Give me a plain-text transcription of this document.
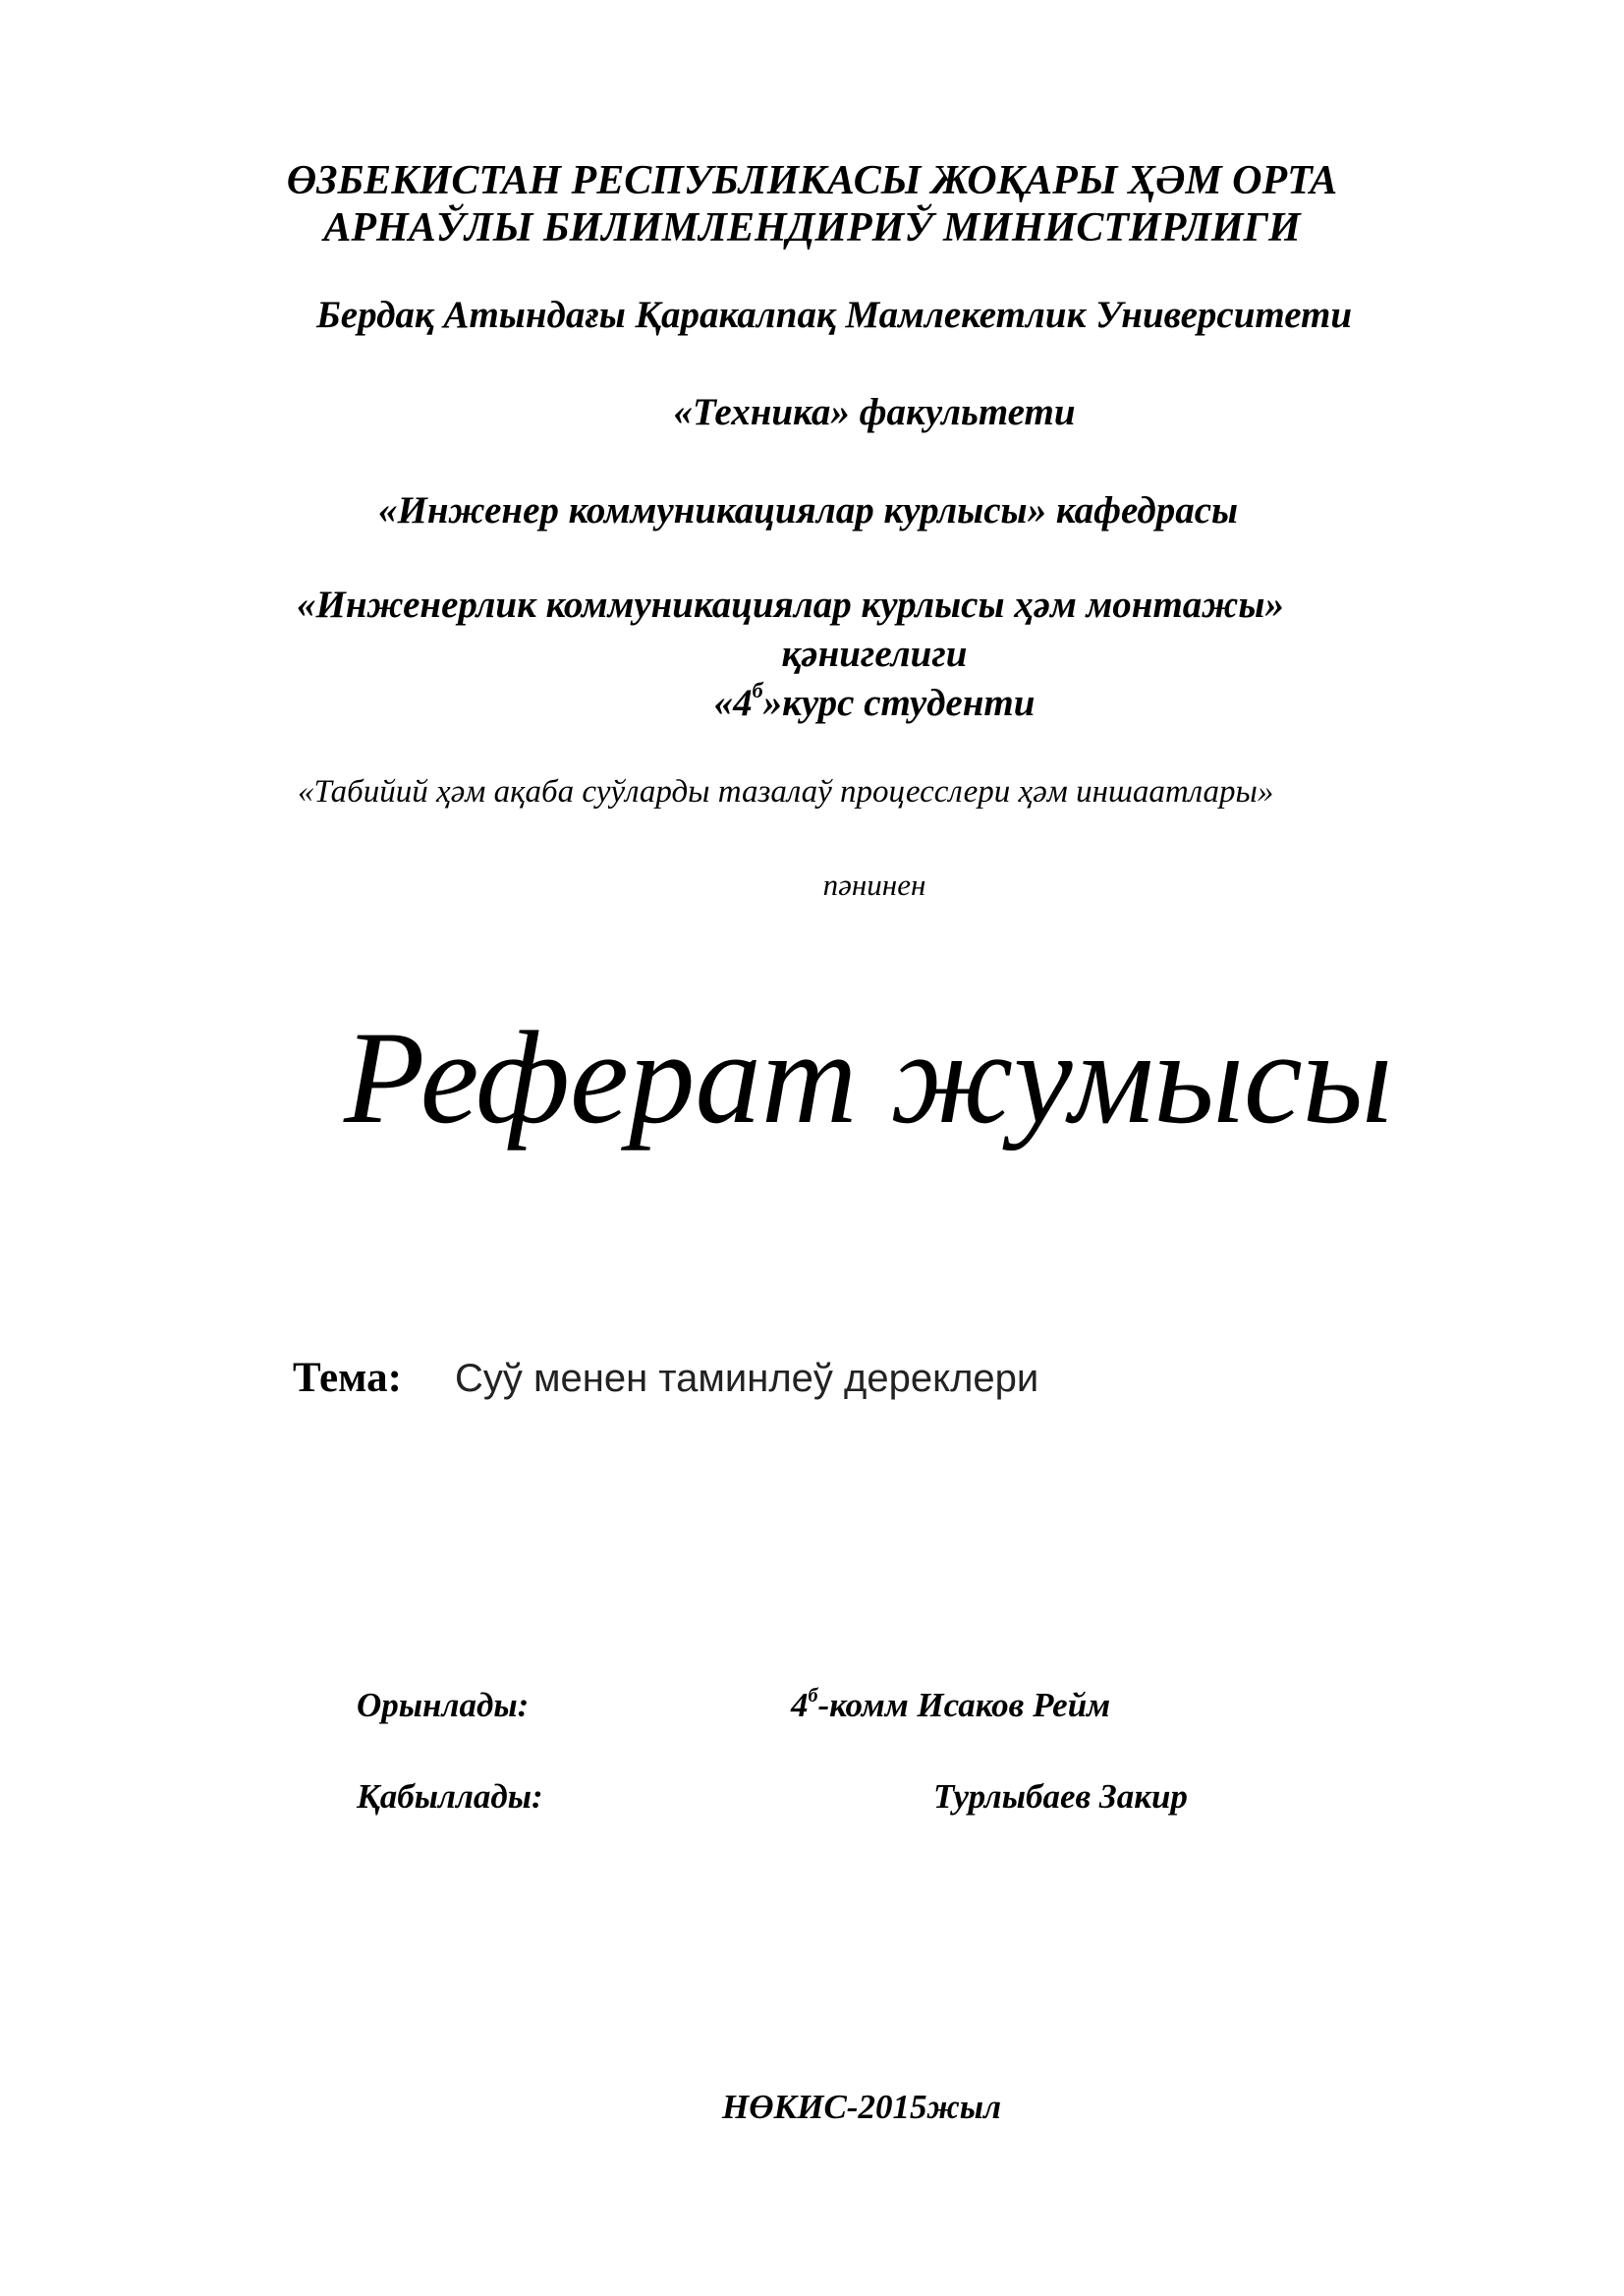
ӨЗБЕКИСТАН РЕСПУБЛИКАСЫ ЖОҚАРЫ ҲӘМ ОРТА
АРНАЎЛЫ БИЛИМЛЕНДИРИЎ МИНИСТИРЛИГИ
Бердақ Атындағы Қаракалпақ Мамлекетлик Университети
«Техника» факультети
«Инженер коммуникациялар курлысы» кафедрасы
«Инженерлик коммуникациялар курлысы ҳәм монтажы»
қәнигелиги
«$4^б»курс$ студенти
«Табийий ҳәм ақаба суўларды тазалаў процесслери ҳәм иншаатлары»
пәнинен
Реферат жумысы
Тема: Суў менен таминлеў дереклери
Орынлады:	$4^б$-комм Исаков Рейм
Қабыллады:	Турлыбаев Закир
НӨКИС-2015жыл
